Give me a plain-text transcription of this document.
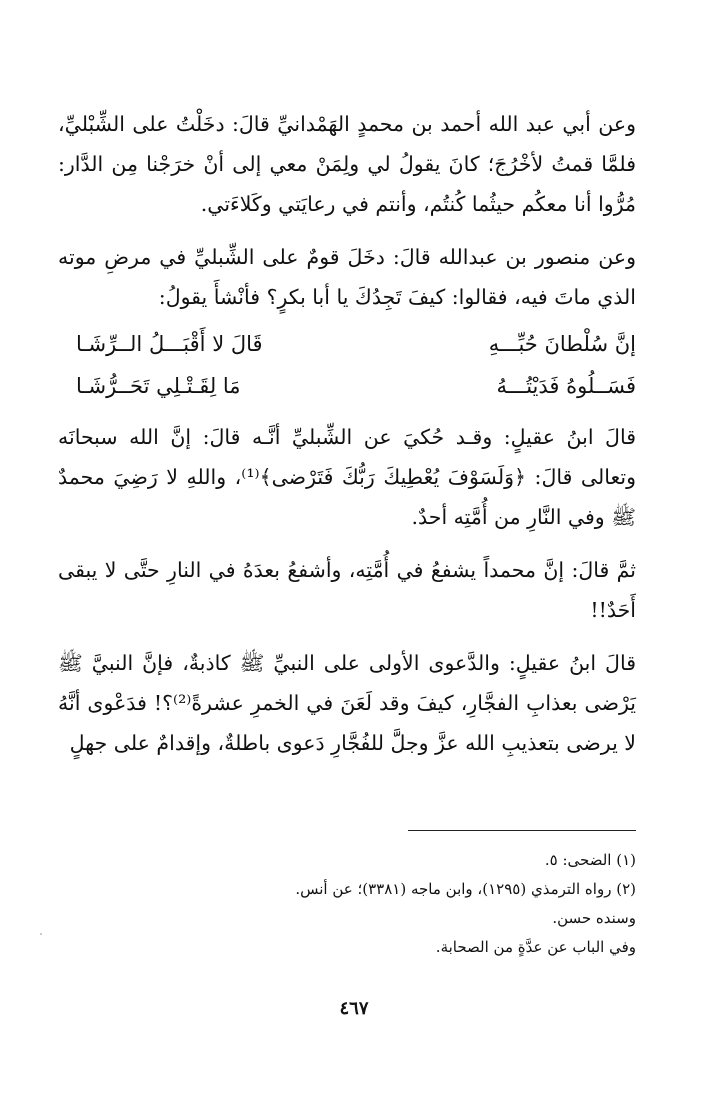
وعن أبي عبد الله أحمد بن محمدٍ الهَمْدانيِّ قالَ: دخَلْتُ على الشِّبْليِّ، فلمَّا قمتُ لأخْرُجَ؛ كانَ يقولُ لي ولِمَنْ معي إلى أنْ خرَجْنا مِن الدَّار: مُرُّوا أنا معكُم حيثُما كُنتُم، وأنتم في رعايَتي وكَلاءَتي.

وعن منصور بن عبدالله قالَ: دخَلَ قومٌ على الشِّبليِّ في مرضِ موته الذي ماتَ فيه، فقالوا: كيفَ تَجِدُكَ يا أبا بكرٍ؟ فأنْشأَ يقولُ:

إنَّ سُلْطانَ حُبِّـــهِ
قَالَ لا أَقْبَـــلُ الــرِّشَـا
فَسَــلُوهُ فَدَيْتُـــهُ
مَا لِقَـتْـلِي تَحَــرُّشَـا

قالَ ابنُ عقيلٍ: وقـد حُكيَ عن الشِّبليِّ أنَّـه قالَ: إنَّ الله سبحانَه وتعالى قالَ: ﴿وَلَسَوْفَ يُعْطِيكَ رَبُّكَ فَتَرْضى﴾⁽¹⁾، واللهِ لا رَضِيَ محمدٌ ﷺ وفي النَّارِ من أُمَّتِه أحدٌ.

ثمَّ قالَ: إنَّ محمداً يشفعُ في أُمَّتِه، وأشفعُ بعدَهُ في النارِ حتَّى لا يبقى أَحَدٌ!!

قالَ ابنُ عقيلٍ: والدَّعوى الأولى على النبيِّ ﷺ كاذبةٌ، فإنَّ النبيَّ ﷺ يَرْضى بعذابِ الفجَّارِ، كيفَ وقد لَعَنَ في الخمرِ عشرةً⁽²⁾؟! فدَعْوى أنَّهُ لا يرضى بتعذيبِ الله عزَّ وجلَّ للفُجَّارِ دَعوى باطلةٌ، وإقدامٌ على جهلٍ

(١) الضحى: ٥.

(٢) رواه الترمذي (١٢٩٥)، وابن ماجه (٣٣٨١)؛ عن أنس.

وسنده حسن.

وفي الباب عن عدَّةٍ من الصحابة.

٤٦٧
